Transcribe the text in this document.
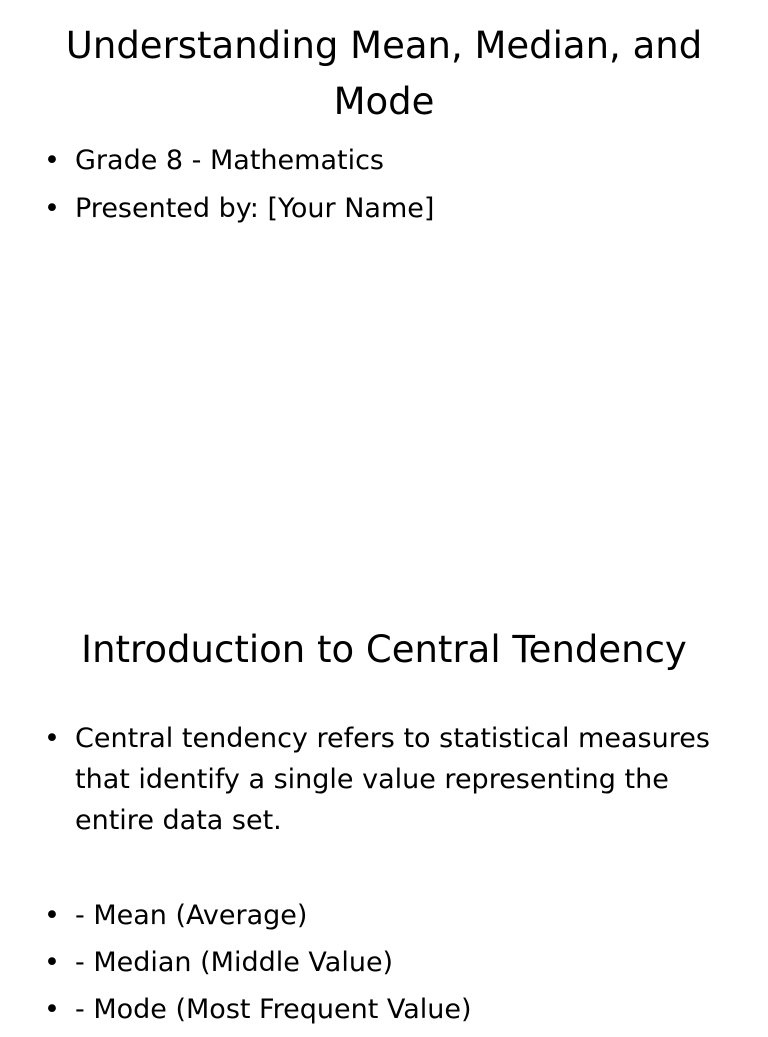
Understanding Mean, Median, and Mode
• Grade 8 - Mathematics
• Presented by: [Your Name]
Introduction to Central Tendency
• Central tendency refers to statistical measures that identify a single value representing the entire data set.
• - Mean (Average)
• - Median (Middle Value)
• - Mode (Most Frequent Value)
